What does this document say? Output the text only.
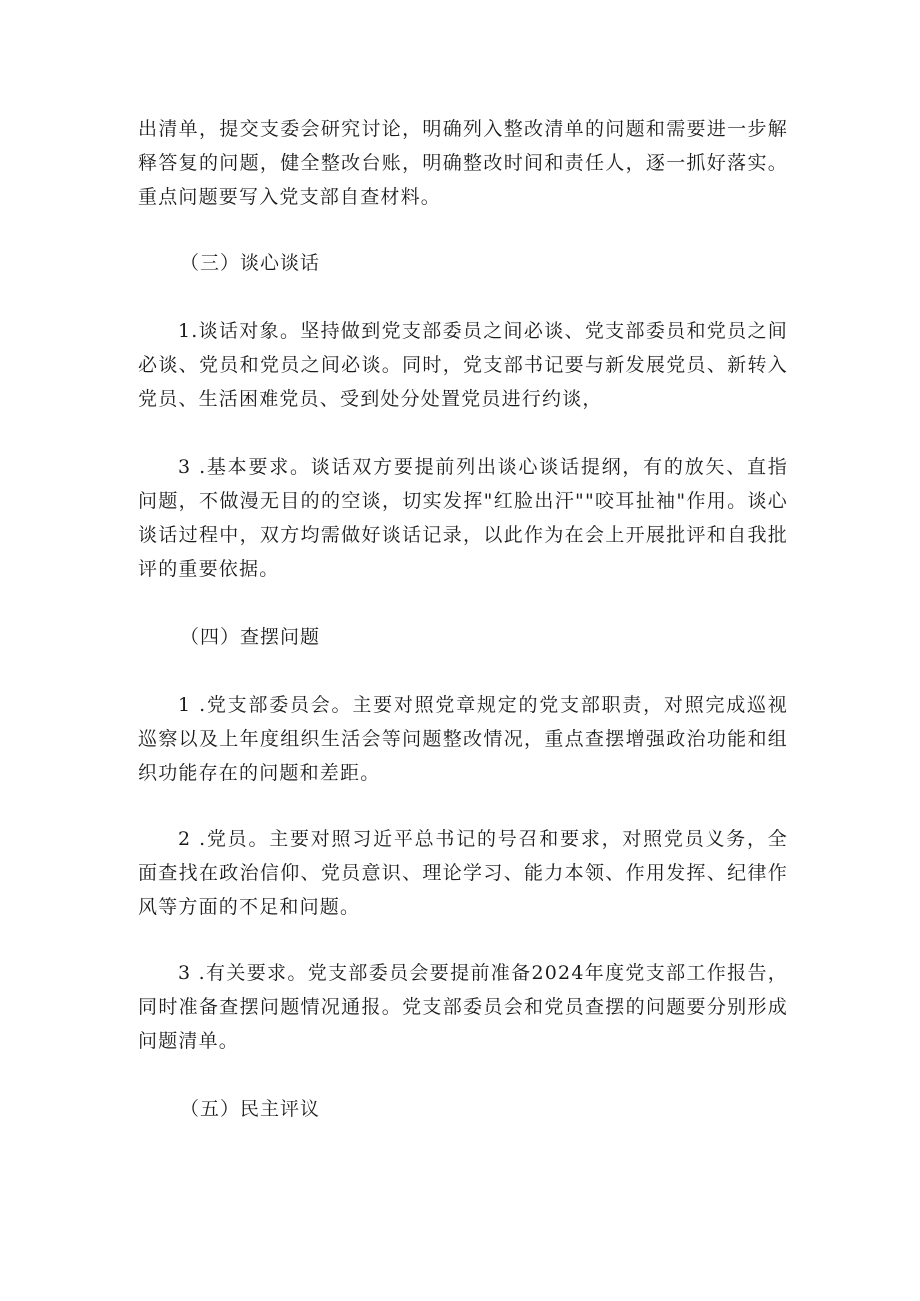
出清单，提交支委会研究讨论，明确列入整改清单的问题和需要进一步解释答复的问题，健全整改台账，明确整改时间和责任人，逐一抓好落实。重点问题要写入党支部自查材料。

（三）谈心谈话

1.谈话对象。坚持做到党支部委员之间必谈、党支部委员和党员之间必谈、党员和党员之间必谈。同时，党支部书记要与新发展党员、新转入党员、生活困难党员、受到处分处置党员进行约谈，

3 .基本要求。谈话双方要提前列出谈心谈话提纲，有的放矢、直指问题，不做漫无目的的空谈，切实发挥"红脸出汗""咬耳扯袖"作用。谈心谈话过程中，双方均需做好谈话记录，以此作为在会上开展批评和自我批评的重要依据。

（四）查摆问题

1 .党支部委员会。主要对照党章规定的党支部职责，对照完成巡视巡察以及上年度组织生活会等问题整改情况，重点查摆增强政治功能和组织功能存在的问题和差距。

2 .党员。主要对照习近平总书记的号召和要求，对照党员义务，全面查找在政治信仰、党员意识、理论学习、能力本领、作用发挥、纪律作风等方面的不足和问题。

3 .有关要求。党支部委员会要提前准备2024年度党支部工作报告，同时准备查摆问题情况通报。党支部委员会和党员查摆的问题要分别形成问题清单。

（五）民主评议
